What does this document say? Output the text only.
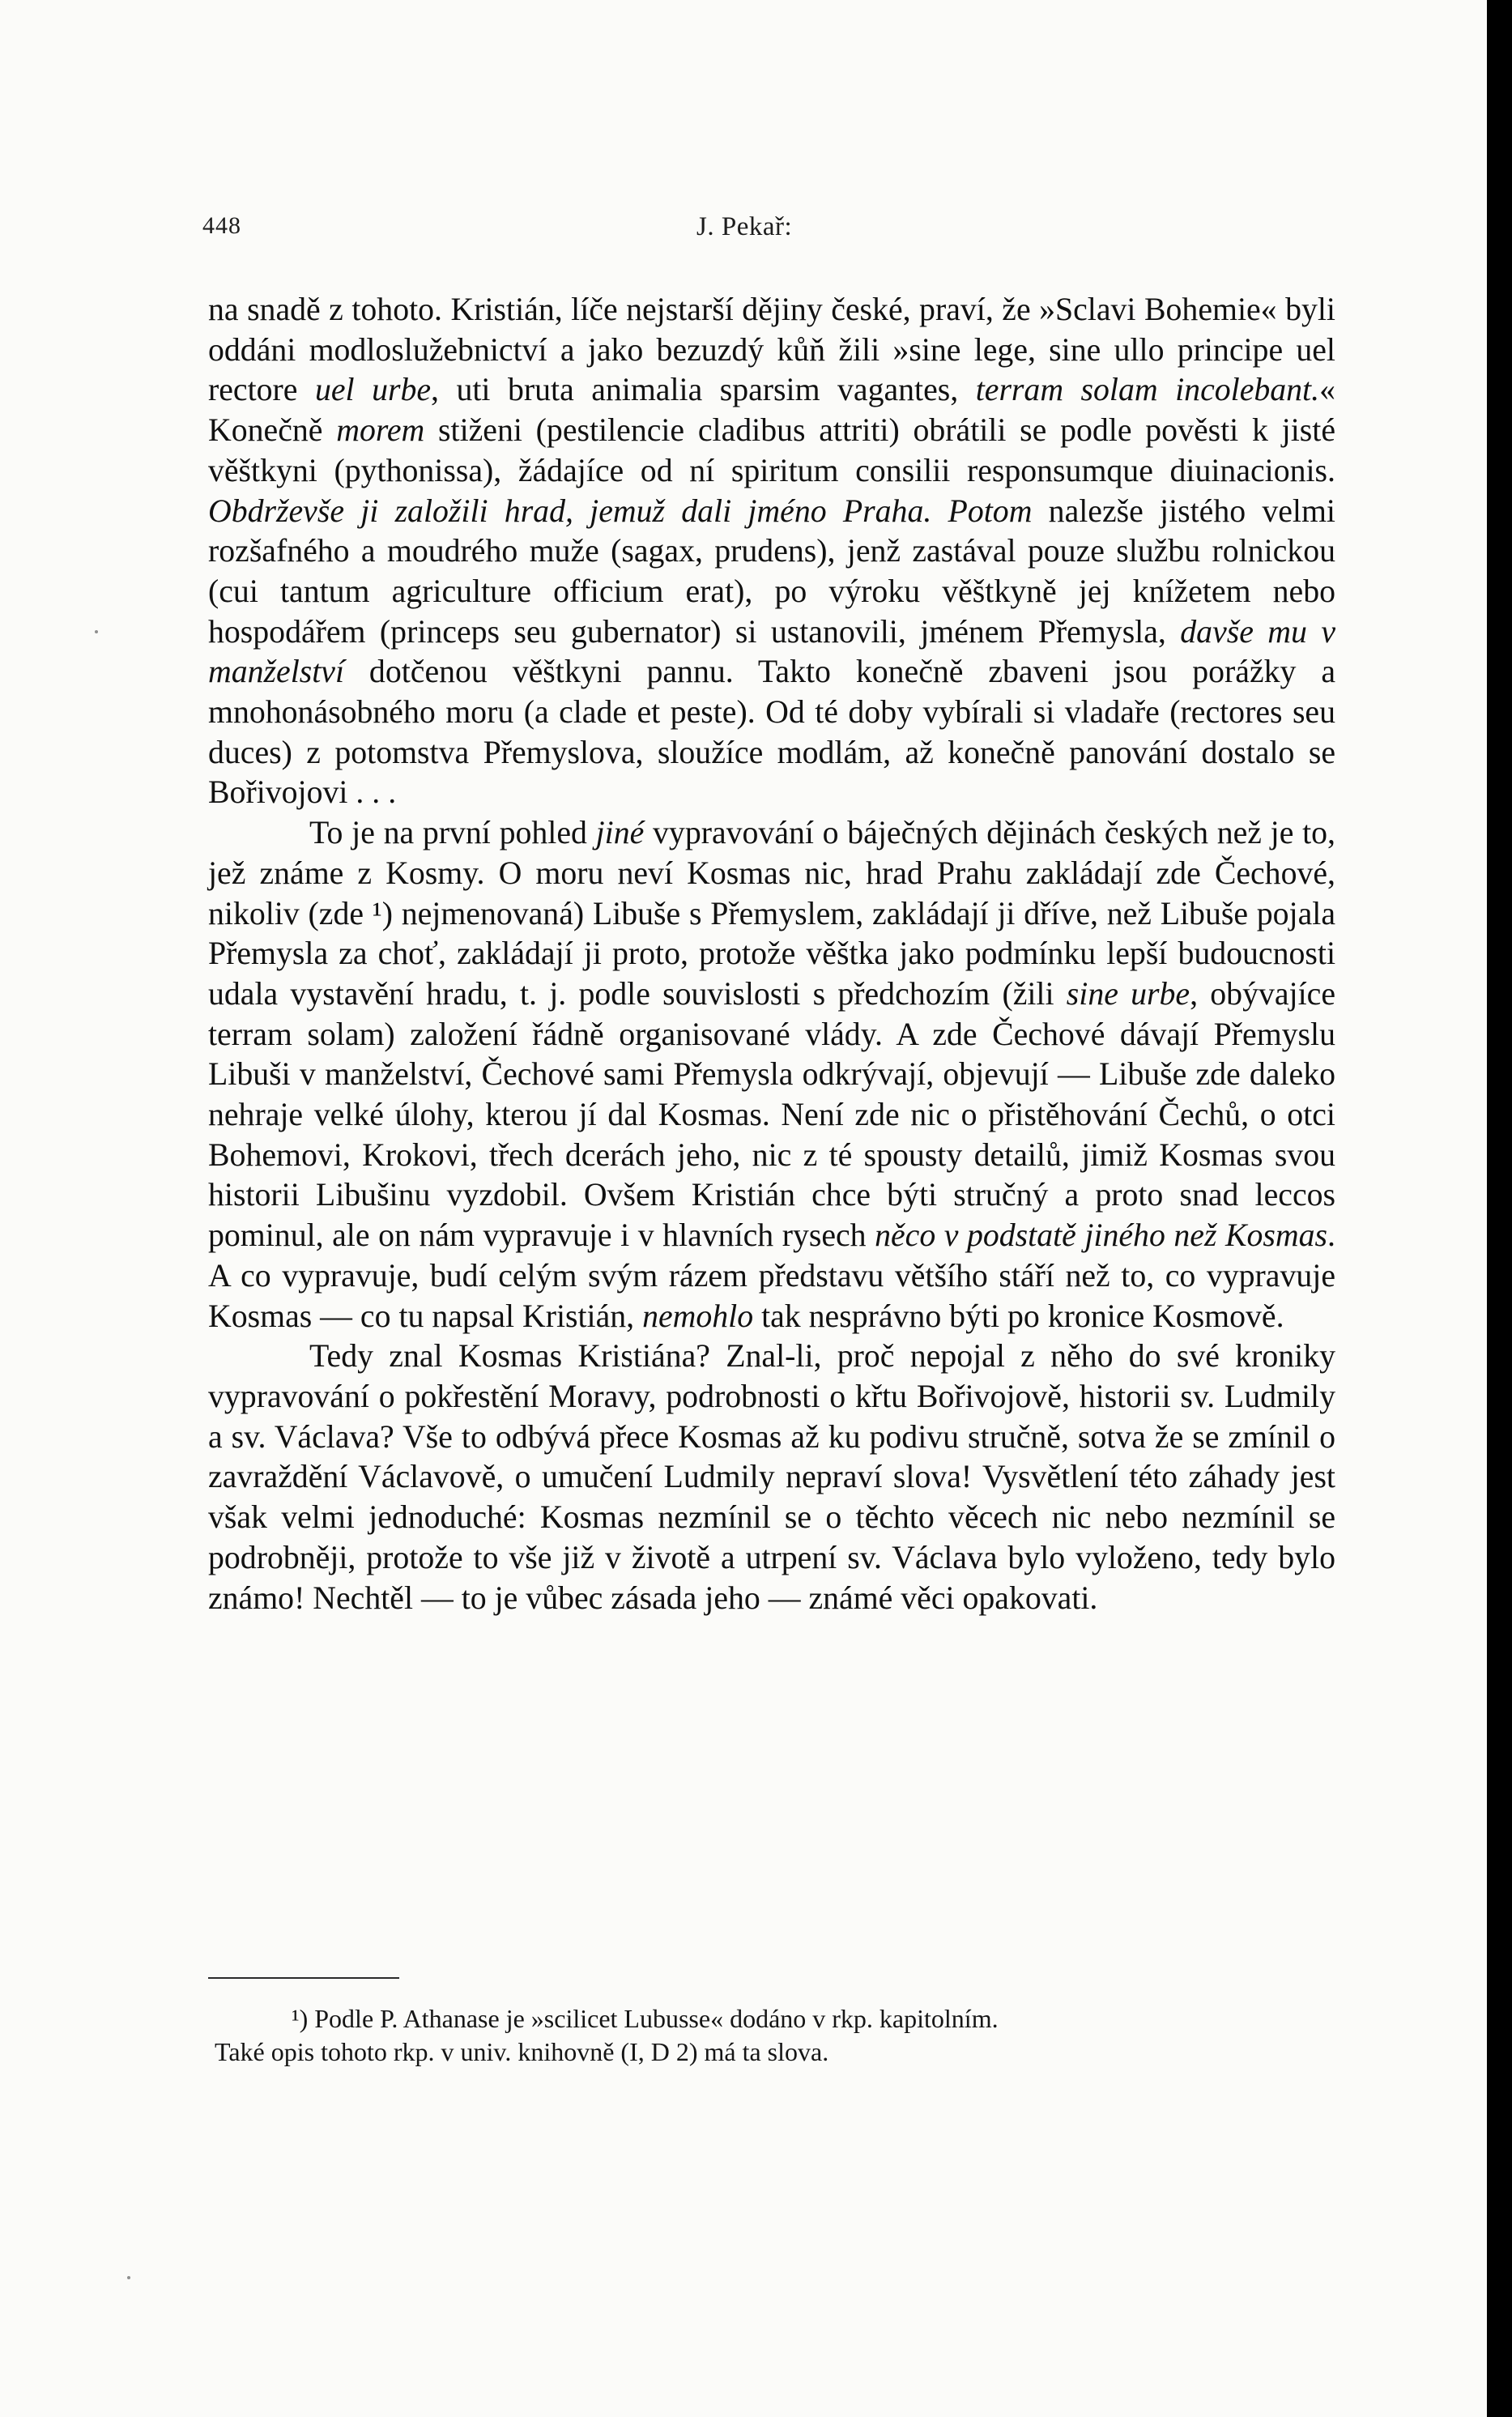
448	J. Pekař:

na snadě z tohoto. Kristián, líče nejstarší dějiny české, praví, že »Sclavi Bohemie« byli oddáni modloslužebnictví a jako bezuzdý kůň žili »sine lege, sine ullo principe uel rectore uel urbe, uti bruta animalia sparsim vagantes, terram solam incolebant.« Konečně morem stiženi (pestilencie cladibus attriti) obrátili se podle pověsti k jisté věštkyni (pythonissa), žádajíce od ní spiritum consilii responsumque diuinacionis. Obdrževše ji založili hrad, jemuž dali jméno Praha. Potom nalezše jistého velmi rozšafného a moudrého muže (sagax, prudens), jenž zastával pouze službu rolnickou (cui tantum agriculture officium erat), po výroku věštkyně jej knížetem nebo hospodářem (princeps seu gubernator) si ustanovili, jménem Přemysla, davše mu v manželství dotčenou věštkyni pannu. Takto konečně zbaveni jsou porážky a mnohonásobného moru (a clade et peste). Od té doby vybírali si vladaře (rectores seu duces) z potomstva Přemyslova, sloužíce modlám, až konečně panování dostalo se Bořivojovi . . .

To je na první pohled jiné vypravování o báječných dějinách českých než je to, jež známe z Kosmy. O moru neví Kosmas nic, hrad Prahu zakládají zde Čechové, nikoliv (zde ¹) nejmenovaná) Libuše s Přemyslem, zakládají ji dříve, než Libuše pojala Přemysla za choť, zakládají ji proto, protože věštka jako podmínku lepší budoucnosti udala vystavění hradu, t. j. podle souvislosti s předchozím (žili sine urbe, obývajíce terram solam) založení řádně organisované vlády. A zde Čechové dávají Přemyslu Libuši v manželství, Čechové sami Přemysla odkrývají, objevují — Libuše zde daleko nehraje velké úlohy, kterou jí dal Kosmas. Není zde nic o přistěhování Čechů, o otci Bohemovi, Krokovi, třech dcerách jeho, nic z té spousty detailů, jimiž Kosmas svou historii Libušinu vyzdobil. Ovšem Kristián chce býti stručný a proto snad leccos pominul, ale on nám vypravuje i v hlavních rysech něco v podstatě jiného než Kosmas. A co vypravuje, budí celým svým rázem představu většího stáří než to, co vypravuje Kosmas — co tu napsal Kristián, nemohlo tak nesprávno býti po kronice Kosmově.

Tedy znal Kosmas Kristiána? Znal-li, proč nepojal z něho do své kroniky vypravování o pokřestění Moravy, podrobnosti o křtu Bořivojově, historii sv. Ludmily a sv. Václava? Vše to odbývá přece Kosmas až ku podivu stručně, sotva že se zmínil o zavraždění Václavově, o umučení Ludmily nepraví slova! Vysvětlení této záhady jest však velmi jednoduché: Kosmas nezmínil se o těchto věcech nic nebo nezmínil se podrobněji, protože to vše již v životě a utrpení sv. Václava bylo vyloženo, tedy bylo známo! Nechtěl — to je vůbec zásada jeho — známé věci opakovati.

¹) Podle P. Athanase je »scilicet Lubusse« dodáno v rkp. kapitolním.

Také opis tohoto rkp. v univ. knihovně (I, D 2) má ta slova.
